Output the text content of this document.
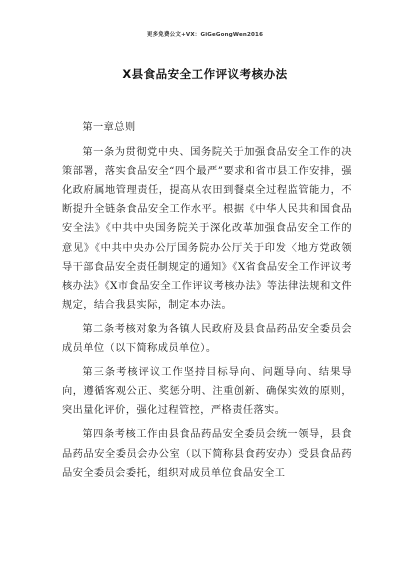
更多免费公文+VX：GiGeGongWen2016
X县食品安全工作评议考核办法

第一章总则

第一条为贯彻党中央、国务院关于加强食品安全工作的决策部署，落实食品安全“四个最严”要求和省市县工作安排，强化政府属地管理责任，提高从农田到餐桌全过程监管能力，不断提升全链条食品安全工作水平。根据《中华人民共和国食品安全法》《中共中央国务院关于深化改革加强食品安全工作的意见》《中共中央办公厅国务院办公厅关于印发〈地方党政领导干部食品安全责任制规定的通知》《X省食品安全工作评议考核办法》《X市食品安全工作评议考核办法》等法律法规和文件规定，结合我县实际，制定本办法。

第二条考核对象为各镇人民政府及县食品药品安全委员会成员单位（以下简称成员单位）。

第三条考核评议工作坚持目标导向、问题导向、结果导向，遵循客观公正、奖惩分明、注重创新、确保实效的原则，突出量化评价，强化过程管控，严格责任落实。

第四条考核工作由县食品药品安全委员会统一领导，县食品药品安全委员会办公室（以下简称县食药安办）受县食品药品安全委员会委托，组织对成员单位食品安全工
